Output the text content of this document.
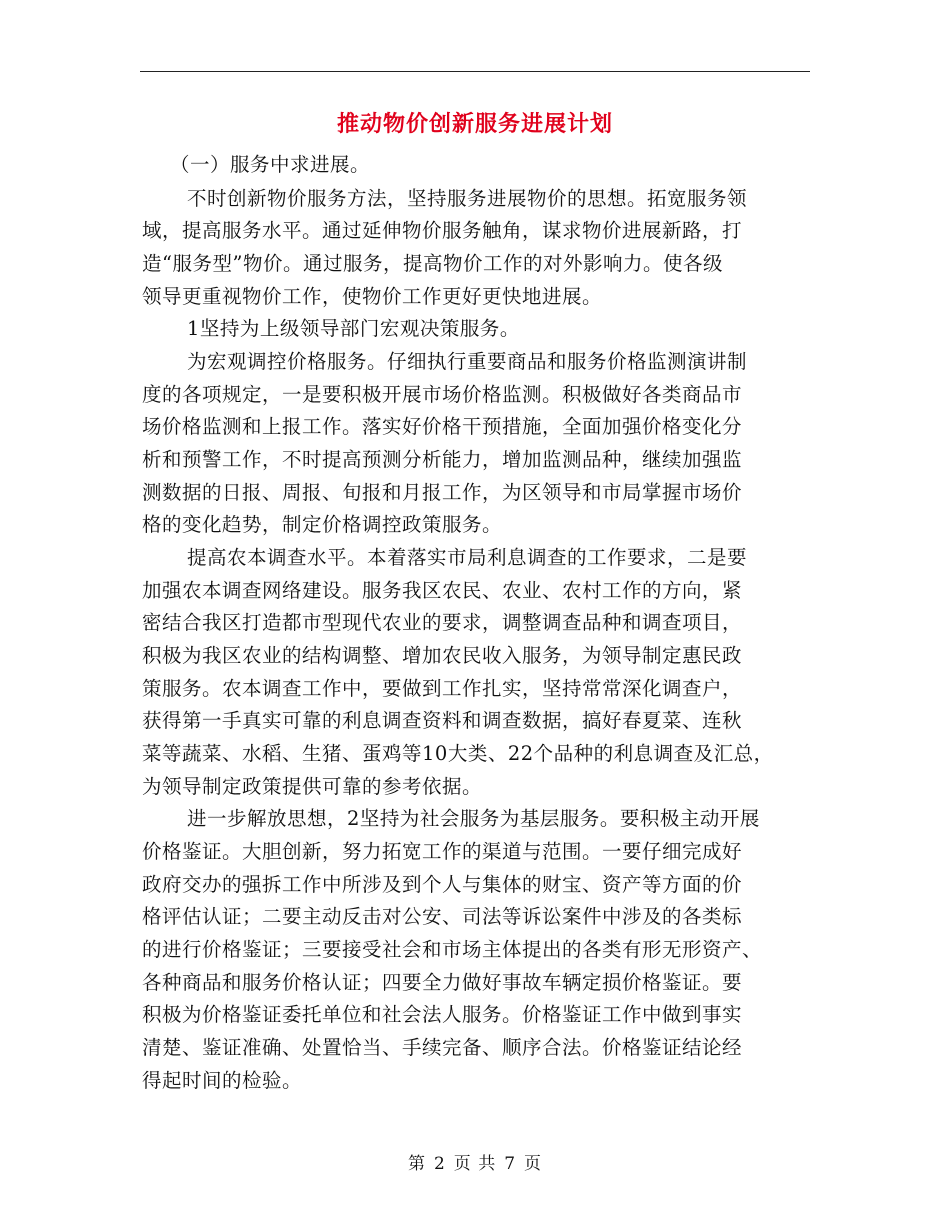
推动物价创新服务进展计划
（一）服务中求进展。
不时创新物价服务方法，坚持服务进展物价的思想。拓宽服务领
域，提高服务水平。通过延伸物价服务触角，谋求物价进展新路，打
造“服务型”物价。通过服务，提高物价工作的对外影响力。使各级
领导更重视物价工作，使物价工作更好更快地进展。
1坚持为上级领导部门宏观决策服务。
为宏观调控价格服务。仔细执行重要商品和服务价格监测演讲制
度的各项规定，一是要积极开展市场价格监测。积极做好各类商品市
场价格监测和上报工作。落实好价格干预措施，全面加强价格变化分
析和预警工作，不时提高预测分析能力，增加监测品种，继续加强监
测数据的日报、周报、旬报和月报工作，为区领导和市局掌握市场价
格的变化趋势，制定价格调控政策服务。
提高农本调查水平。本着落实市局利息调查的工作要求，二是要
加强农本调查网络建设。服务我区农民、农业、农村工作的方向，紧
密结合我区打造都市型现代农业的要求，调整调查品种和调查项目，
积极为我区农业的结构调整、增加农民收入服务，为领导制定惠民政
策服务。农本调查工作中，要做到工作扎实，坚持常常深化调查户，
获得第一手真实可靠的利息调查资料和调查数据，搞好春夏菜、连秋
菜等蔬菜、水稻、生猪、蛋鸡等10大类、22个品种的利息调查及汇总，
为领导制定政策提供可靠的参考依据。
进一步解放思想，2坚持为社会服务为基层服务。要积极主动开展
价格鉴证。大胆创新，努力拓宽工作的渠道与范围。一要仔细完成好
政府交办的强拆工作中所涉及到个人与集体的财宝、资产等方面的价
格评估认证；二要主动反击对公安、司法等诉讼案件中涉及的各类标
的进行价格鉴证；三要接受社会和市场主体提出的各类有形无形资产、
各种商品和服务价格认证；四要全力做好事故车辆定损价格鉴证。要
积极为价格鉴证委托单位和社会法人服务。价格鉴证工作中做到事实
清楚、鉴证准确、处置恰当、手续完备、顺序合法。价格鉴证结论经
得起时间的检验。
第 2 页 共 7 页
